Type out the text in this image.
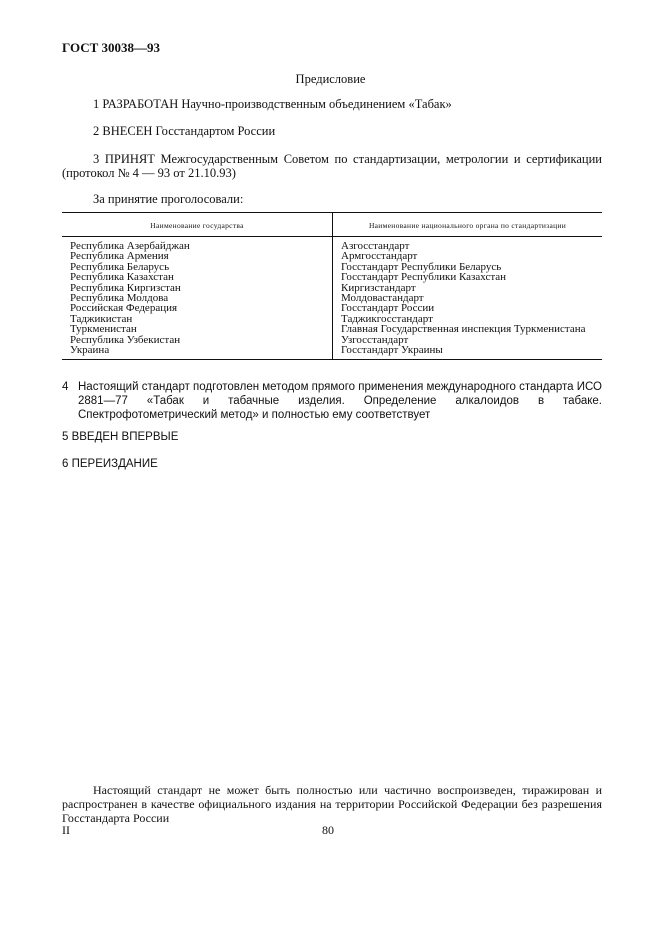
ГОСТ 30038—93
Предисловие
1 РАЗРАБОТАН Научно-производственным объединением «Табак»
2 ВНЕСЕН Госстандартом России
3 ПРИНЯТ Межгосударственным Советом по стандартизации, метрологии и сертификации (протокол № 4 — 93 от 21.10.93)
За принятие проголосовали:
Наименование государства	Наименование национального органа по стандартизации
Республика Азербайджан	Азгосстандарт
Республика Армения	Армгосстандарт
Республика Беларусь	Госстандарт Республики Беларусь
Республика Казахстан	Госстандарт Республики Казахстан
Республика Киргизстан	Киргизстандарт
Республика Молдова	Молдовастандарт
Российская Федерация	Госстандарт России
Таджикистан	Таджикгосстандарт
Туркменистан	Главная Государственная инспекция Туркменистана
Республика Узбекистан	Узгосстандарт
Украина	Госстандарт Украины
4 Настоящий стандарт подготовлен методом прямого применения международного стандарта ИСО 2881—77 «Табак и табачные изделия. Определение алкалоидов в табаке. Спектрофотометрический метод» и полностью ему соответствует
5 ВВЕДЕН ВПЕРВЫЕ
6 ПЕРЕИЗДАНИЕ
Настоящий стандарт не может быть полностью или частично воспроизведен, тиражирован и распространен в качестве официального издания на территории Российской Федерации без разрешения Госстандарта России
II	80
